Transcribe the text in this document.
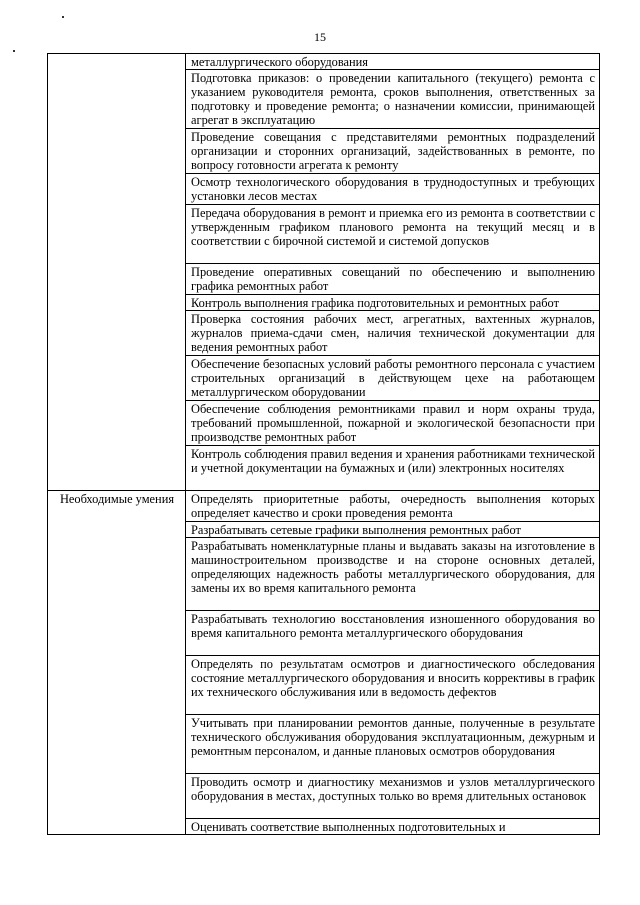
15
	металлургического оборудования
	Подготовка приказов: о проведении капитального (текущего) ремонта с указанием руководителя ремонта, сроков выполнения, ответственных за подготовку и проведение ремонта; о назначении комиссии, принимающей агрегат в эксплуатацию
	Проведение совещания с представителями ремонтных подразделений организации и сторонних организаций, задействованных в ремонте, по вопросу готовности агрегата к ремонту
	Осмотр технологического оборудования в труднодоступных и требующих установки лесов местах
	Передача оборудования в ремонт и приемка его из ремонта в соответствии с утвержденным графиком планового ремонта на текущий месяц и в соответствии с бирочной системой и системой допусков
	Проведение оперативных совещаний по обеспечению и выполнению графика ремонтных работ
	Контроль выполнения графика подготовительных и ремонтных работ
	Проверка состояния рабочих мест, агрегатных, вахтенных журналов, журналов приема-сдачи смен, наличия технической документации для ведения ремонтных работ
	Обеспечение безопасных условий работы ремонтного персонала с участием строительных организаций в действующем цехе на работающем металлургическом оборудовании
	Обеспечение соблюдения ремонтниками правил и норм охраны труда, требований промышленной, пожарной и экологической безопасности при производстве ремонтных работ
	Контроль соблюдения правил ведения и хранения работниками технической и учетной документации на бумажных и (или) электронных носителях
Необходимые умения	Определять приоритетные работы, очередность выполнения которых определяет качество и сроки проведения ремонта
	Разрабатывать сетевые графики выполнения ремонтных работ
	Разрабатывать номенклатурные планы и выдавать заказы на изготовление в машиностроительном производстве и на стороне основных деталей, определяющих надежность работы металлургического оборудования, для замены их во время капитального ремонта
	Разрабатывать технологию восстановления изношенного оборудования во время капитального ремонта металлургического оборудования
	Определять по результатам осмотров и диагностического обследования состояние металлургического оборудования и вносить коррективы в график их технического обслуживания или в ведомость дефектов
	Учитывать при планировании ремонтов данные, полученные в результате технического обслуживания оборудования эксплуатационным, дежурным и ремонтным персоналом, и данные плановых осмотров оборудования
	Проводить осмотр и диагностику механизмов и узлов металлургического оборудования в местах, доступных только во время длительных остановок
	Оценивать соответствие выполненных подготовительных и
